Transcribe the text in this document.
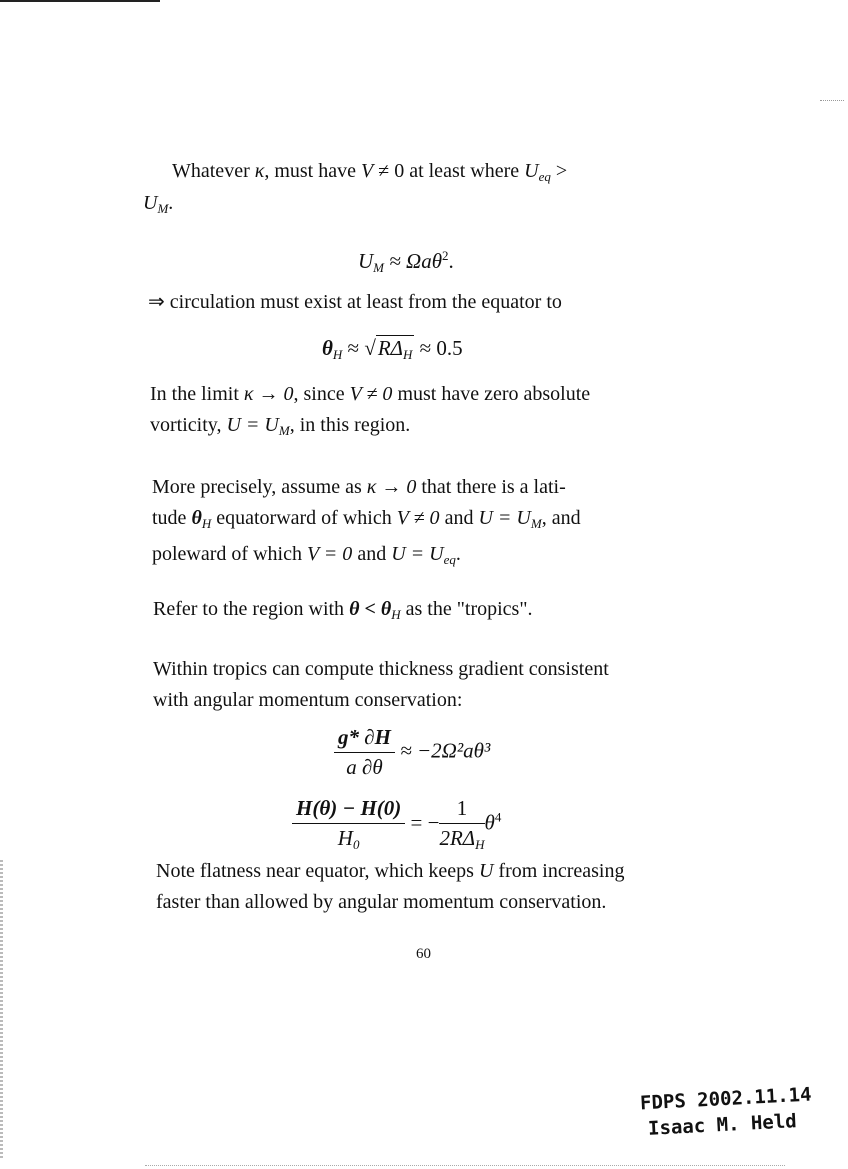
Whatever κ, must have V ≠ 0 at least where $U_{eq}$ >
$U_M$.
$U_M \approx \Omega a\theta^2$.
⇒ circulation must exist at least from the equator to
$\theta_H \approx √R\Delta_H \approx 0.5$
In the limit κ → 0, since V ≠ 0 must have zero absolute
vorticity, $U = U_M$, in this region.
More precisely, assume as κ → 0 that there is a lati-
tude $\theta_H$ equatorward of which V ≠ 0 and $U = U_M$, and
poleward of which V = 0 and $U = U_{eq}$.
Refer to the region with $\theta < \theta_H$ as the "tropics".
Within tropics can compute thickness gradient consistent
with angular momentum conservation:
$\frac{g* \partial H}{a \partial\theta} \approx -2\Omega^2a\theta^3$
$\frac{H(\theta) - H(0)}{H_0}$ = − $\frac{1}{2R\Delta_H} \theta^4$
Note flatness near equator, which keeps U from increasing
faster than allowed by angular momentum conservation.
60
FDPS 2002.11.14
Isaac M. Held
